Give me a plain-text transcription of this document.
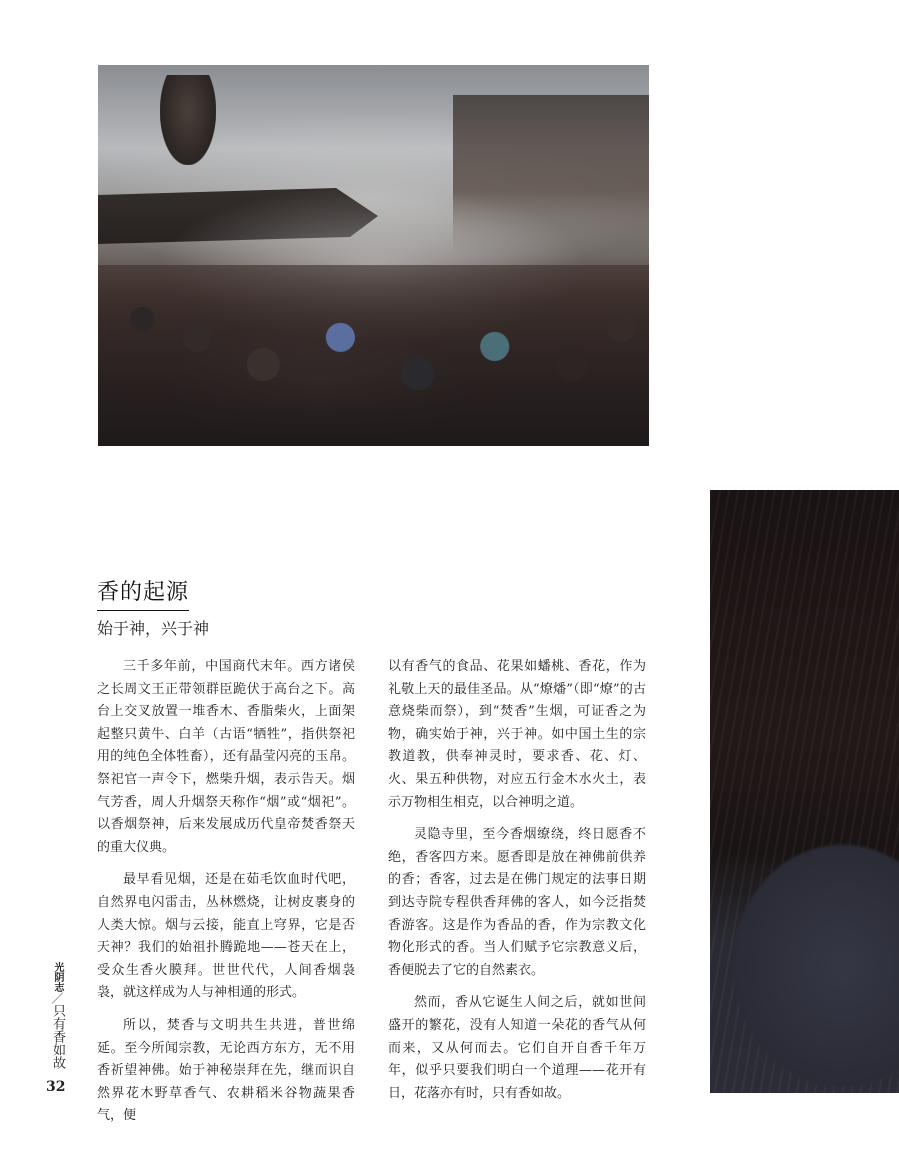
香的起源
始于神，兴于神

三千多年前，中国商代末年。西方诸侯之长周文王正带领群臣跪伏于高台之下。高台上交叉放置一堆香木、香脂柴火，上面架起整只黄牛、白羊（古语“牺牲”，指供祭祀用的纯色全体牲畜），还有晶莹闪亮的玉帛。祭祀官一声令下，燃柴升烟，表示告天。烟气芳香，周人升烟祭天称作“烟”或“烟祀”。以香烟祭神，后来发展成历代皇帝焚香祭天的重大仪典。

最早看见烟，还是在茹毛饮血时代吧，自然界电闪雷击，丛林燃烧，让树皮裹身的人类大惊。烟与云接，能直上穹界，它是否天神？我们的始祖扑腾跪地——苍天在上，受众生香火膜拜。世世代代，人间香烟袅袅，就这样成为人与神相通的形式。

所以，焚香与文明共生共进，普世绵延。至今所闻宗教，无论西方东方，无不用香祈望神佛。始于神秘崇拜在先，继而识自然界花木野草香气、农耕稻米谷物蔬果香气，便

以有香气的食品、花果如蟠桃、香花，作为礼敬上天的最佳圣品。从“燎燔”（即“燎”的古意烧柴而祭），到“焚香”生烟，可证香之为物，确实始于神，兴于神。如中国土生的宗教道教，供奉神灵时，要求香、花、灯、火、果五种供物，对应五行金木水火土，表示万物相生相克，以合神明之道。

灵隐寺里，至今香烟缭绕，终日愿香不绝，香客四方来。愿香即是放在神佛前供养的香；香客，过去是在佛门规定的法事日期到达寺院专程供香拜佛的客人，如今泛指焚香游客。这是作为香品的香，作为宗教文化物化形式的香。当人们赋予它宗教意义后，香便脱去了它的自然素衣。

然而，香从它诞生人间之后，就如世间盛开的繁花，没有人知道一朵花的香气从何而来，又从何而去。它们自开自香千年万年，似乎只要我们明白一个道理——花开有日，花落亦有时，只有香如故。

光阴志／只有香如故
32
